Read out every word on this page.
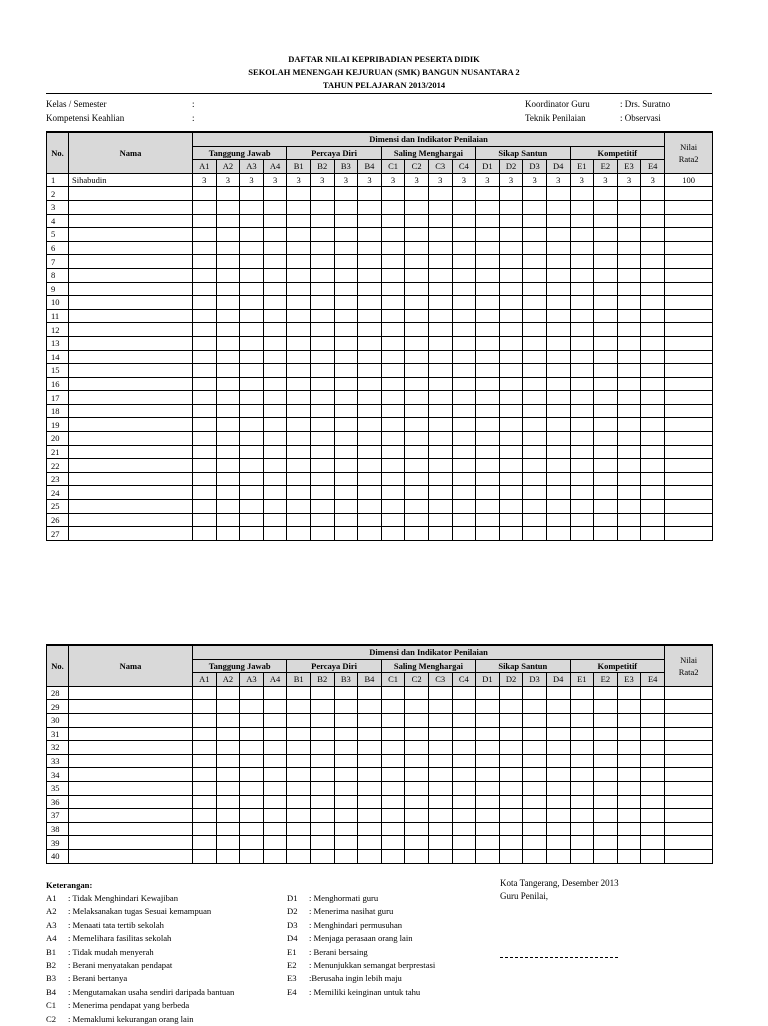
DAFTAR NILAI KEPRIBADIAN PESERTA DIDIK
SEKOLAH MENENGAH KEJURUAN (SMK) BANGUN NUSANTARA 2
TAHUN PELAJARAN 2013/2014
Kelas / Semester	:
Kompetensi Keahlian	:
Koordinator Guru	: Drs. Suratno
Teknik Penilaian	: Observasi
No.	Nama	Dimensi dan Indikator Penilaian																				Nilai
Rata2
		Tanggung Jawab				Percaya Diri				Saling Menghargai				Sikap Santun				Kompetitif				
		A1	A2	A3	A4	B1	B2	B3	B4	C1	C2	C3	C4	D1	D2	D3	D4	E1	E2	E3	E4	
1	Sihabudin	3	3	3	3	3	3	3	3	3	3	3	3	3	3	3	3	3	3	3	3	100
2																						
3																						
4																						
5																						
6																						
7																						
8																						
9																						
10																						
11																						
12																						
13																						
14																						
15																						
16																						
17																						
18																						
19																						
20																						
21																						
22																						
23																						
24																						
25																						
26																						
27																						
No.	Nama	Dimensi dan Indikator Penilaian																				Nilai
Rata2
		Tanggung Jawab				Percaya Diri				Saling Menghargai				Sikap Santun				Kompetitif				
		A1	A2	A3	A4	B1	B2	B3	B4	C1	C2	C3	C4	D1	D2	D3	D4	E1	E2	E3	E4	
28																						
29																						
30																						
31																						
32																						
33																						
34																						
35																						
36																						
37																						
38																						
39																						
40																						
Keterangan:
A1 : Tidak Menghindari Kewajiban
A2 : Melaksanakan tugas Sesuai kemampuan
A3 : Menaati tata tertib sekolah
A4 : Memelihara fasilitas sekolah
B1 : Tidak mudah menyerah
B2 : Berani menyatakan pendapat
B3 : Berani bertanya
B4 : Mengutamakan usaha sendiri daripada bantuan
C1 : Menerima pendapat yang berbeda
C2 : Memaklumi kekurangan orang lain
D1 : Menghormati guru
D2 : Menerima nasihat guru
D3 : Menghindari permusuhan
D4 : Menjaga perasaan orang lain
E1 : Berani bersaing
E2 : Menunjukkan semangat berprestasi
E3 :Berusaha ingin lebih maju
E4 : Memiliki keinginan untuk tahu
Kota Tangerang, Desember 2013
Guru Penilai,
